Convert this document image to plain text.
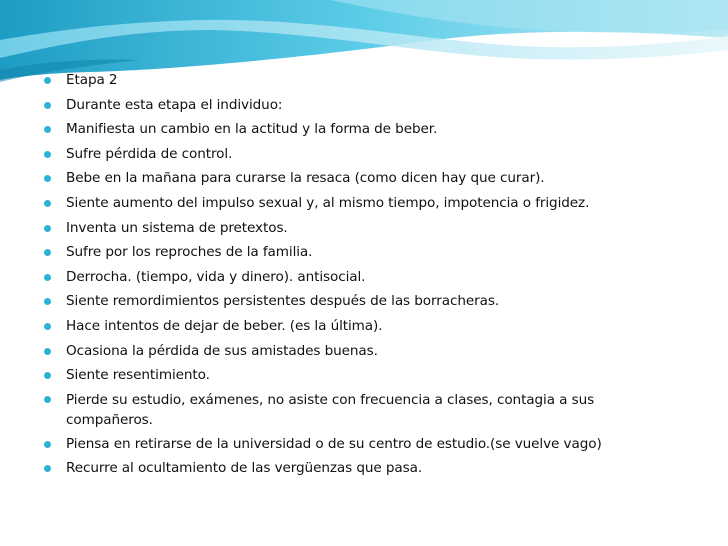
Etapa 2
Durante esta etapa el individuo:
Manifiesta un cambio en la actitud y la forma de beber.
Sufre pérdida de control.
Bebe en la mañana para curarse la resaca (como dicen hay que curar).
Siente aumento del impulso sexual y, al mismo tiempo, impotencia o frigidez.
Inventa un sistema de pretextos.
Sufre por los reproches de la familia.
Derrocha. (tiempo, vida y dinero). antisocial.
Siente remordimientos persistentes después de las borracheras.
Hace intentos de dejar de beber. (es la última).
Ocasiona la pérdida de sus amistades buenas.
Siente resentimiento.
Pierde su estudio, exámenes, no asiste con frecuencia a clases, contagia a sus compañeros.
Piensa en retirarse de la universidad o de su centro de estudio.(se vuelve vago)
Recurre al ocultamiento de las vergüenzas que pasa.
